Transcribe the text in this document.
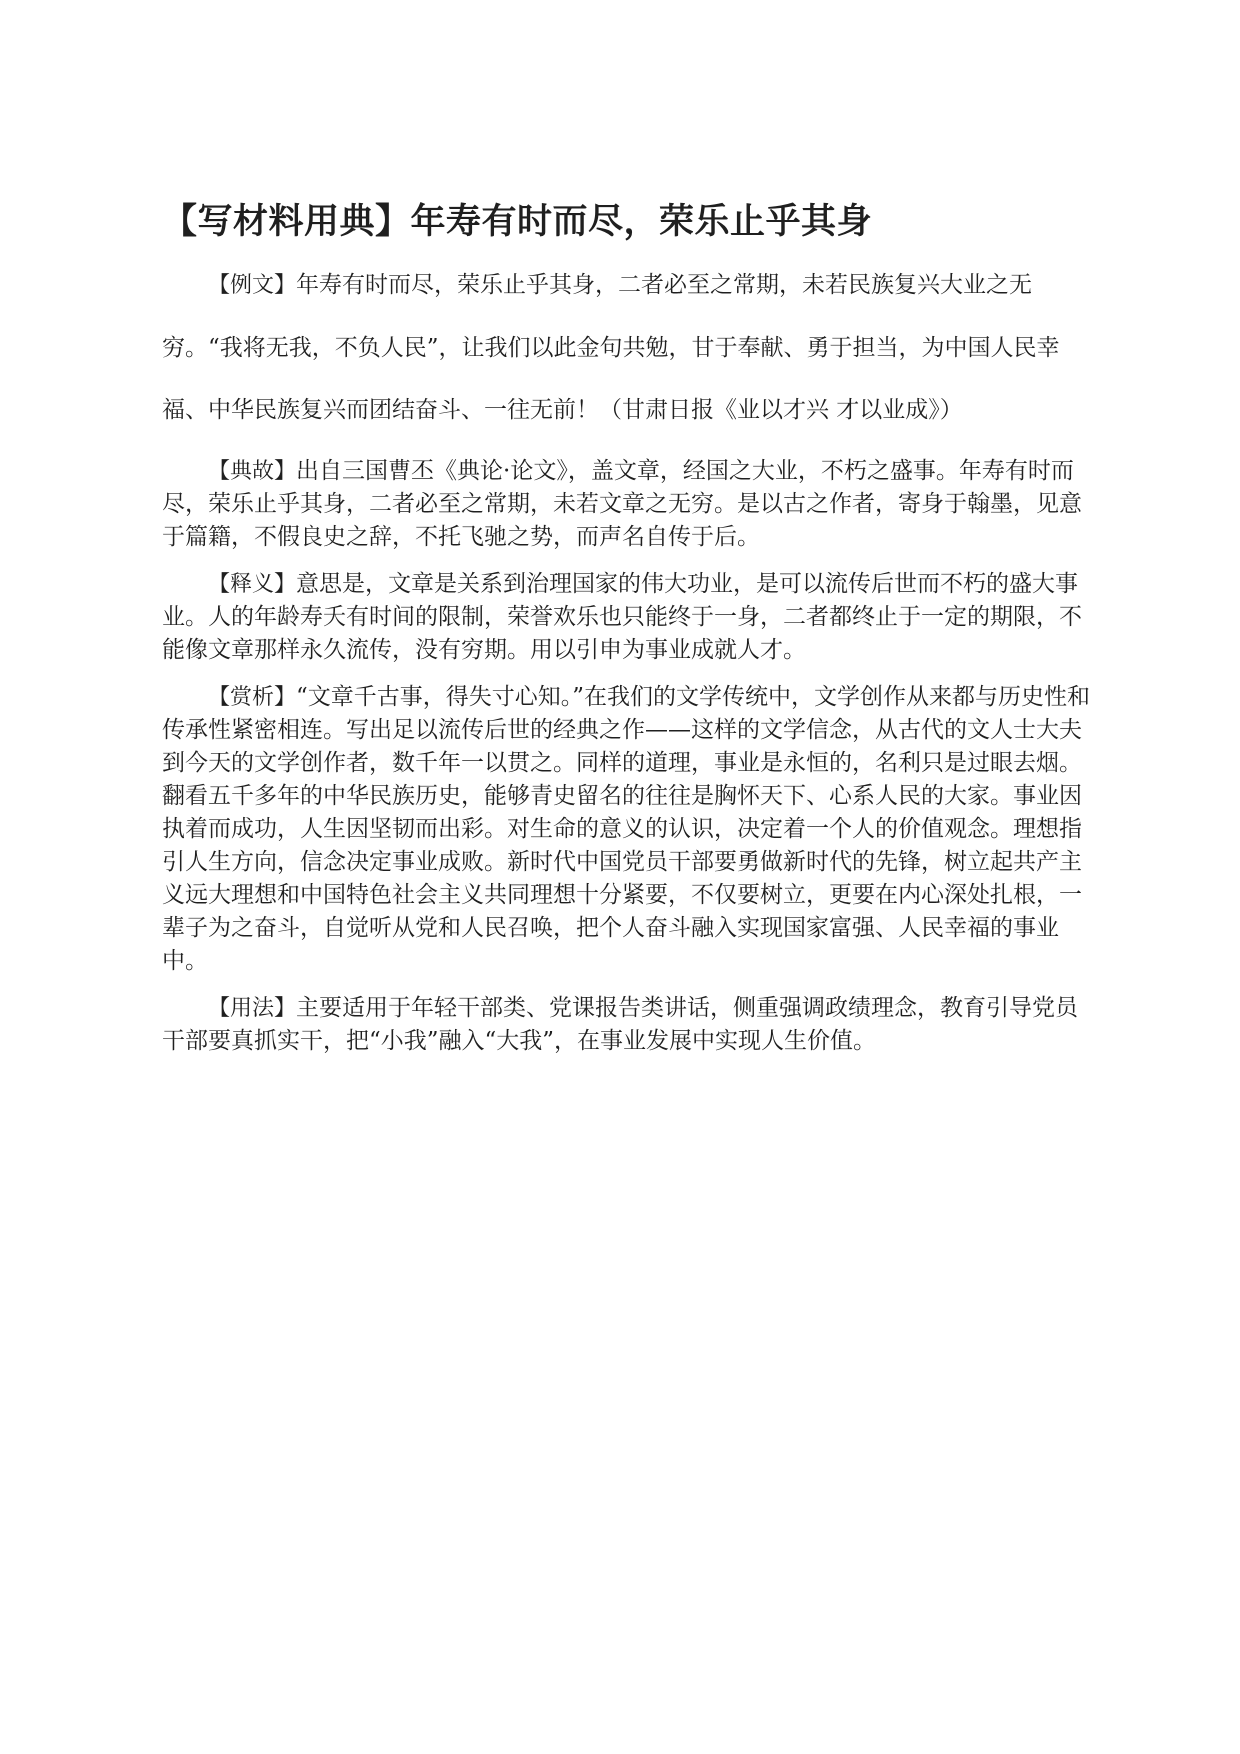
【写材料用典】年寿有时而尽，荣乐止乎其身

【例文】年寿有时而尽，荣乐止乎其身，二者必至之常期，未若民族复兴大业之无穷。“我将无我，不负人民”，让我们以此金句共勉，甘于奉献、勇于担当，为中国人民幸福、中华民族复兴而团结奋斗、一往无前！（甘肃日报《业以才兴 才以业成》）

【典故】出自三国曹丕《典论·论文》，盖文章，经国之大业，不朽之盛事。年寿有时而尽，荣乐止乎其身，二者必至之常期，未若文章之无穷。是以古之作者，寄身于翰墨，见意于篇籍，不假良史之辞，不托飞驰之势，而声名自传于后。

【释义】意思是，文章是关系到治理国家的伟大功业，是可以流传后世而不朽的盛大事业。人的年龄寿夭有时间的限制，荣誉欢乐也只能终于一身，二者都终止于一定的期限，不能像文章那样永久流传，没有穷期。用以引申为事业成就人才。

【赏析】“文章千古事，得失寸心知。”在我们的文学传统中，文学创作从来都与历史性和传承性紧密相连。写出足以流传后世的经典之作——这样的文学信念，从古代的文人士大夫到今天的文学创作者，数千年一以贯之。同样的道理，事业是永恒的，名利只是过眼去烟。翻看五千多年的中华民族历史，能够青史留名的往往是胸怀天下、心系人民的大家。事业因执着而成功，人生因坚韧而出彩。对生命的意义的认识，决定着一个人的价值观念。理想指引人生方向，信念决定事业成败。新时代中国党员干部要勇做新时代的先锋，树立起共产主义远大理想和中国特色社会主义共同理想十分紧要，不仅要树立，更要在内心深处扎根，一辈子为之奋斗，自觉听从党和人民召唤，把个人奋斗融入实现国家富强、人民幸福的事业中。

【用法】主要适用于年轻干部类、党课报告类讲话，侧重强调政绩理念，教育引导党员干部要真抓实干，把“小我”融入“大我”，在事业发展中实现人生价值。
